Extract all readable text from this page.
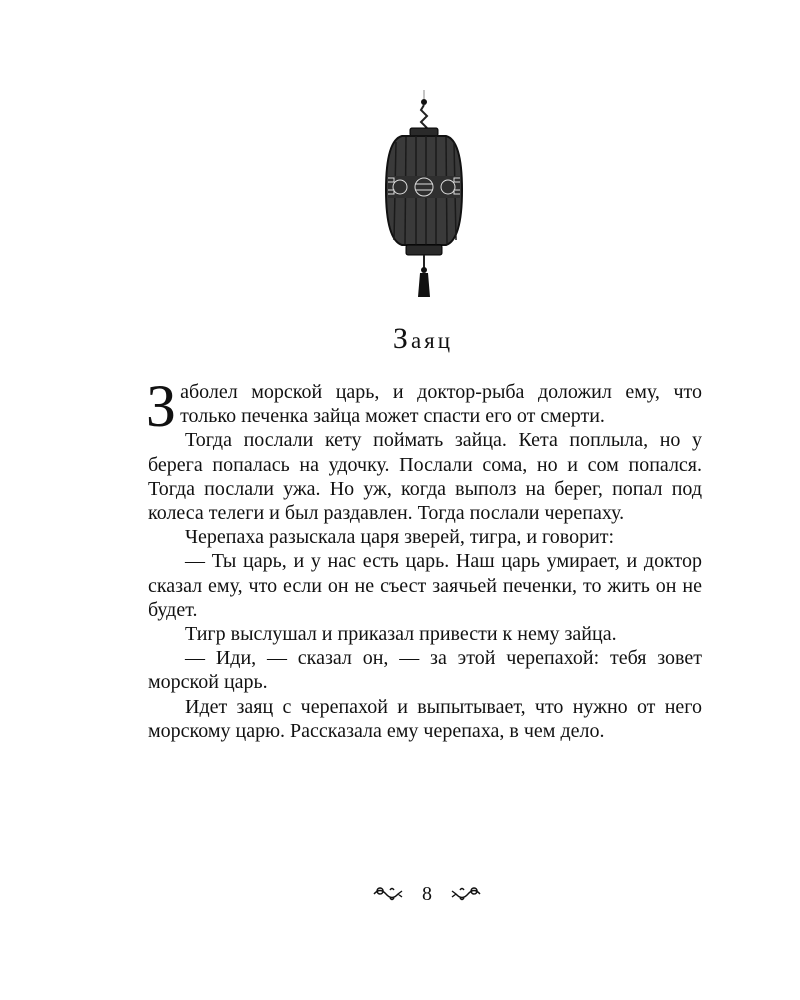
Заяц

Заболел морской царь, и доктор-рыба доложил ему, что только печенка зайца может спасти его от смерти.

Тогда послали кету поймать зайца. Кета поплыла, но у берега попалась на удочку. Послали сома, но и сом попался. Тогда послали ужа. Но уж, когда выполз на берег, попал под колеса телеги и был раздавлен. Тогда послали черепаху.

Черепаха разыскала царя зверей, тигра, и говорит:

— Ты царь, и у нас есть царь. Наш царь умирает, и доктор сказал ему, что если он не съест заячьей печенки, то жить он не будет.

Тигр выслушал и приказал привести к нему зайца.

— Иди, — сказал он, — за этой черепахой: тебя зовет морской царь.

Идет заяц с черепахой и выпытывает, что нужно от него морскому царю. Рассказала ему черепаха, в чем дело.

8
